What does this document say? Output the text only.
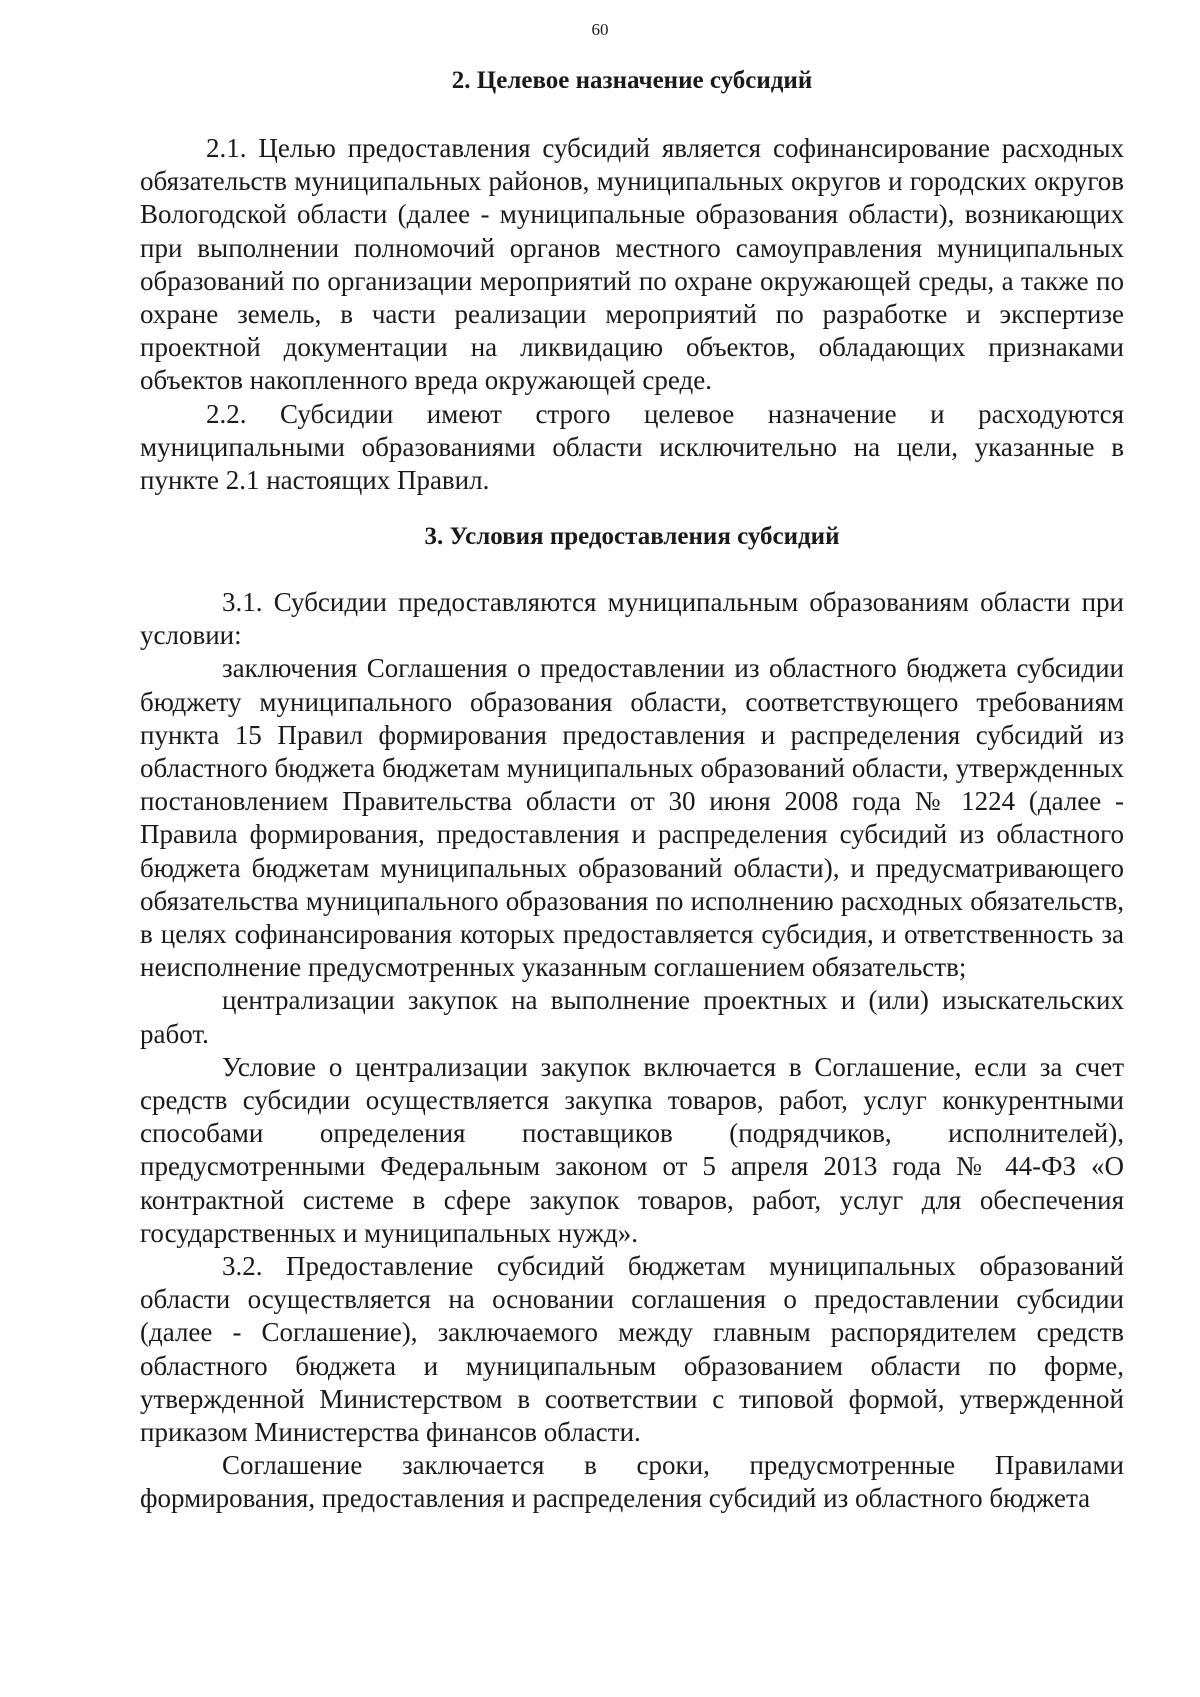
60
2. Целевое назначение субсидий

2.1. Целью предоставления субсидий является софинансирование расходных обязательств муниципальных районов, муниципальных округов и городских округов Вологодской области (далее - муниципальные образования области), возникающих при выполнении полномочий органов местного самоуправления муниципальных образований по организации мероприятий по охране окружающей среды, а также по охране земель, в части реализации мероприятий по разработке и экспертизе проектной документации на ликвидацию объектов, обладающих признаками объектов накопленного вреда окружающей среде.

2.2. Субсидии имеют строго целевое назначение и расходуются муниципальными образованиями области исключительно на цели, указанные в пункте 2.1 настоящих Правил.

3. Условия предоставления субсидий

3.1. Субсидии предоставляются муниципальным образованиям области при условии:

заключения Соглашения о предоставлении из областного бюджета субсидии бюджету муниципального образования области, соответствующего требованиям пункта 15 Правил формирования предоставления и распределения субсидий из областного бюджета бюджетам муниципальных образований области, утвержденных постановлением Правительства области от 30 июня 2008 года № 1224 (далее - Правила формирования, предоставления и распределения субсидий из областного бюджета бюджетам муниципальных образований области), и предусматривающего обязательства муниципального образования по исполнению расходных обязательств, в целях софинансирования которых предоставляется субсидия, и ответственность за неисполнение предусмотренных указанным соглашением обязательств;

централизации закупок на выполнение проектных и (или) изыскательских работ.

Условие о централизации закупок включается в Соглашение, если за счет средств субсидии осуществляется закупка товаров, работ, услуг конкурентными способами определения поставщиков (подрядчиков, исполнителей), предусмотренными Федеральным законом от 5 апреля 2013 года № 44-ФЗ «О контрактной системе в сфере закупок товаров, работ, услуг для обеспечения государственных и муниципальных нужд».

3.2. Предоставление субсидий бюджетам муниципальных образований области осуществляется на основании соглашения о предоставлении субсидии (далее - Соглашение), заключаемого между главным распорядителем средств областного бюджета и муниципальным образованием области по форме, утвержденной Министерством в соответствии с типовой формой, утвержденной приказом Министерства финансов области.

Соглашение заключается в сроки, предусмотренные Правилами формирования, предоставления и распределения субсидий из областного бюджета
